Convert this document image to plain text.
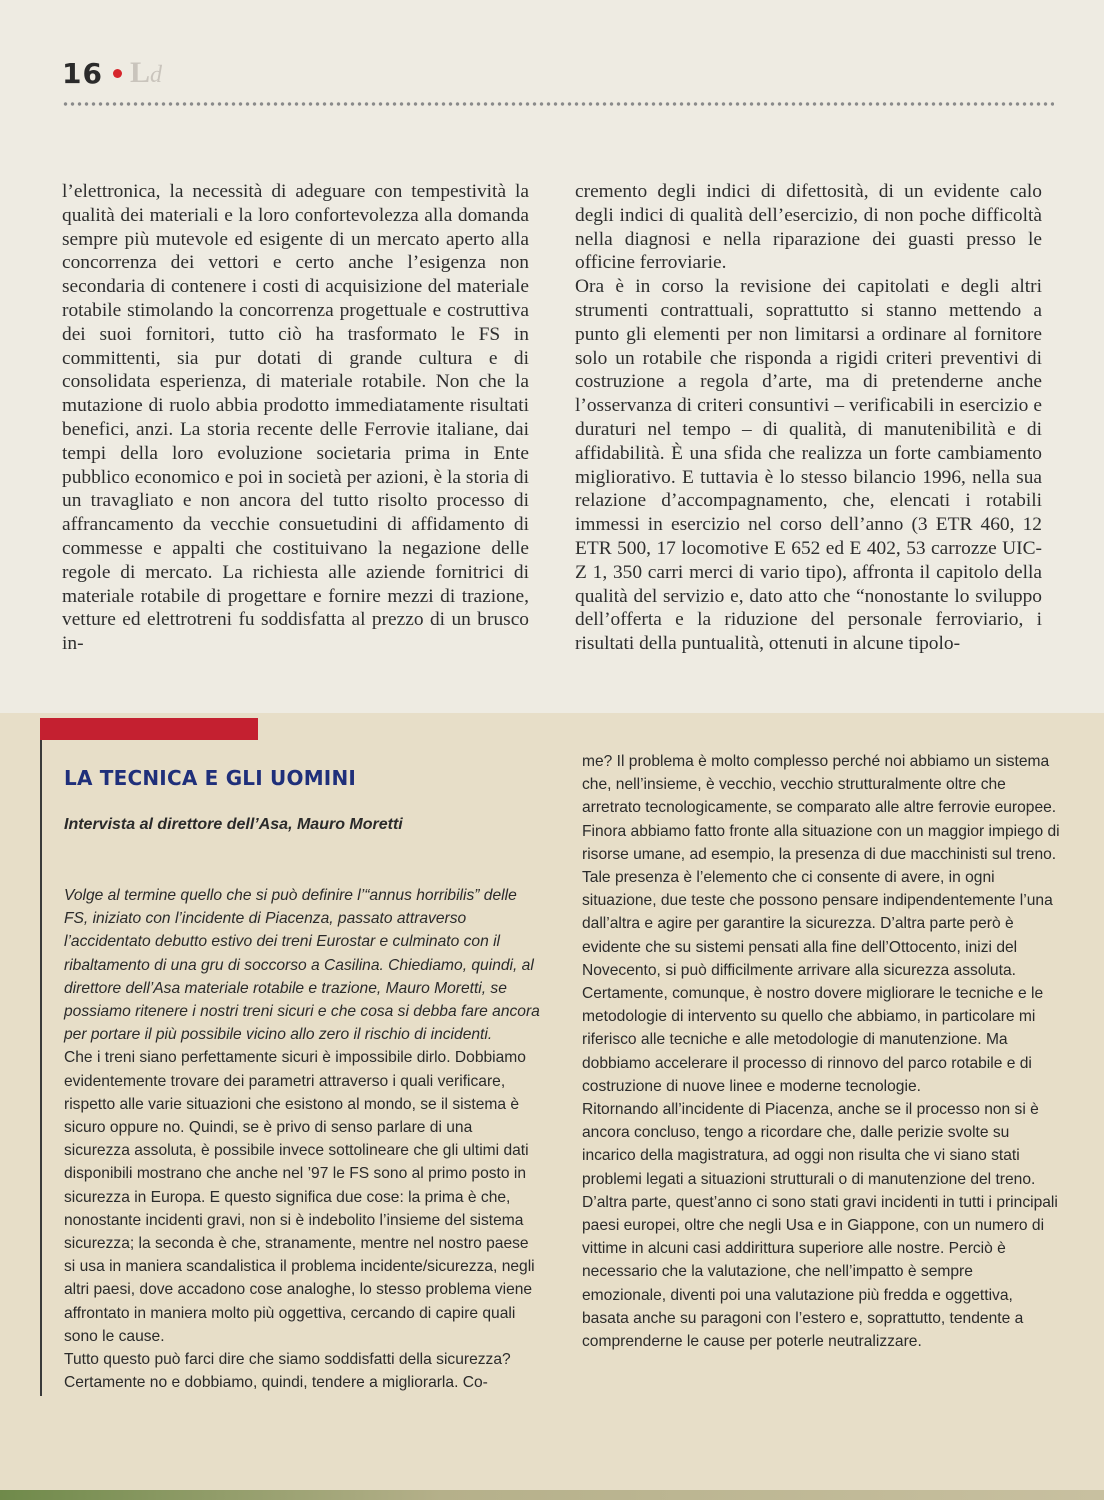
16 Ld

l’elettronica, la necessità di adeguare con tempestività la qualità dei materiali e la loro confortevolezza alla domanda sempre più mutevole ed esigente di un mercato aperto alla concorrenza dei vettori e certo anche l’esigenza non secondaria di contenere i costi di acquisizione del materiale rotabile stimolando la concorrenza progettuale e costruttiva dei suoi fornitori, tutto ciò ha trasformato le FS in committenti, sia pur dotati di grande cultura e di consolidata esperienza, di materiale rotabile. Non che la mutazione di ruolo abbia prodotto immediatamente risultati benefici, anzi. La storia recente delle Ferrovie italiane, dai tempi della loro evoluzione societaria prima in Ente pubblico economico e poi in società per azioni, è la storia di un travagliato e non ancora del tutto risolto processo di affrancamento da vecchie consuetudini di affidamento di commesse e appalti che costituivano la negazione delle regole di mercato. La richiesta alle aziende fornitrici di materiale rotabile di progettare e fornire mezzi di trazione, vetture ed elettrotreni fu soddisfatta al prezzo di un brusco in-

cremento degli indici di difettosità, di un evidente calo degli indici di qualità dell’esercizio, di non poche difficoltà nella diagnosi e nella riparazione dei guasti presso le officine ferroviarie.

Ora è in corso la revisione dei capitolati e degli altri strumenti contrattuali, soprattutto si stanno mettendo a punto gli elementi per non limitarsi a ordinare al fornitore solo un rotabile che risponda a rigidi criteri preventivi di costruzione a regola d’arte, ma di pretenderne anche l’osservanza di criteri consuntivi – verificabili in esercizio e duraturi nel tempo – di qualità, di manutenibilità e di affidabilità. È una sfida che realizza un forte cambiamento migliorativo. E tuttavia è lo stesso bilancio 1996, nella sua relazione d’accompagnamento, che, elencati i rotabili immessi in esercizio nel corso dell’anno (3 ETR 460, 12 ETR 500, 17 locomotive E 652 ed E 402, 53 carrozze UIC-Z 1, 350 carri merci di vario tipo), affronta il capitolo della qualità del servizio e, dato atto che “nonostante lo sviluppo dell’offerta e la riduzione del personale ferroviario, i risultati della puntualità, ottenuti in alcune tipolo-

LA TECNICA E GLI UOMINI
Intervista al direttore dell’Asa, Mauro Moretti

Volge al termine quello che si può definire l’“annus horribilis” delle FS, iniziato con l’incidente di Piacenza, passato attraverso l’accidentato debutto estivo dei treni Eurostar e culminato con il ribaltamento di una gru di soccorso a Casilina. Chiediamo, quindi, al direttore dell’Asa materiale rotabile e trazione, Mauro Moretti, se possiamo ritenere i nostri treni sicuri e che cosa si debba fare ancora per portare il più possibile vicino allo zero il rischio di incidenti.

Che i treni siano perfettamente sicuri è impossibile dirlo. Dobbiamo evidentemente trovare dei parametri attraverso i quali verificare, rispetto alle varie situazioni che esistono al mondo, se il sistema è sicuro oppure no. Quindi, se è privo di senso parlare di una sicurezza assoluta, è possibile invece sottolineare che gli ultimi dati disponibili mostrano che anche nel ’97 le FS sono al primo posto in sicurezza in Europa. E questo significa due cose: la prima è che, nonostante incidenti gravi, non si è indebolito l’insieme del sistema sicurezza; la seconda è che, stranamente, mentre nel nostro paese si usa in maniera scandalistica il problema incidente/sicurezza, negli altri paesi, dove accadono cose analoghe, lo stesso problema viene affrontato in maniera molto più oggettiva, cercando di capire quali sono le cause.

Tutto questo può farci dire che siamo soddisfatti della sicurezza? Certamente no e dobbiamo, quindi, tendere a migliorarla. Co-

me? Il problema è molto complesso perché noi abbiamo un sistema che, nell’insieme, è vecchio, vecchio strutturalmente oltre che arretrato tecnologicamente, se comparato alle altre ferrovie europee.

Finora abbiamo fatto fronte alla situazione con un maggior impiego di risorse umane, ad esempio, la presenza di due macchinisti sul treno. Tale presenza è l’elemento che ci consente di avere, in ogni situazione, due teste che possono pensare indipendentemente l’una dall’altra e agire per garantire la sicurezza. D’altra parte però è evidente che su sistemi pensati alla fine dell’Ottocento, inizi del Novecento, si può difficilmente arrivare alla sicurezza assoluta. Certamente, comunque, è nostro dovere migliorare le tecniche e le metodologie di intervento su quello che abbiamo, in particolare mi riferisco alle tecniche e alle metodologie di manutenzione. Ma dobbiamo accelerare il processo di rinnovo del parco rotabile e di costruzione di nuove linee e moderne tecnologie.

Ritornando all’incidente di Piacenza, anche se il processo non si è ancora concluso, tengo a ricordare che, dalle perizie svolte su incarico della magistratura, ad oggi non risulta che vi siano stati problemi legati a situazioni strutturali o di manutenzione del treno. D’altra parte, quest’anno ci sono stati gravi incidenti in tutti i principali paesi europei, oltre che negli Usa e in Giappone, con un numero di vittime in alcuni casi addirittura superiore alle nostre. Perciò è necessario che la valutazione, che nell’impatto è sempre emozionale, diventi poi una valutazione più fredda e oggettiva, basata anche su paragoni con l’estero e, soprattutto, tendente a comprenderne le cause per poterle neutralizzare.
